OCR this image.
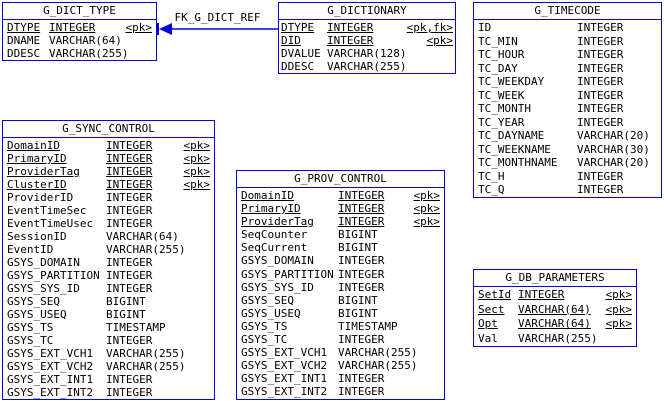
G_DICT_TYPE
DTYPE INTEGER	<pk>
DNAME VARCHAR(64)
DDESC VARCHAR(255)
G_DICTIONARY
DTYPE	INTEGER	<pk,fk>
DID	INTEGER	<pk>
DVALUE VARCHAR(128)
DDESC	VARCHAR(255)
G_TIMECODE
ID	INTEGER
TC_MIN	INTEGER
TC_HOUR	INTEGER
TC_DAY	INTEGER
TC_WEEKDAY	INTEGER
TC_WEEK	INTEGER
TC_MONTH	INTEGER
TC_YEAR	INTEGER
TC_DAYNAME	VARCHAR(20)
TC_WEEKNAME	VARCHAR(30)
TC_MONTHNAME	VARCHAR(20)
TC_H	INTEGER
TC_Q	INTEGER
G_SYNC_CONTROL
DomainID	INTEGER	<pk>
PrimaryID	INTEGER	<pk>
ProviderTag	INTEGER	<pk>
ClusterID	INTEGER	<pk>
ProviderID	INTEGER
EventTimeSec	INTEGER
EventTimeUsec	INTEGER
SessionID	VARCHAR(64)
EventID	VARCHAR(255)
GSYS_DOMAIN	INTEGER
GSYS_PARTITION INTEGER
GSYS_SYS_ID	INTEGER
GSYS_SEQ	BIGINT
GSYS_USEQ	BIGINT
GSYS_TS	TIMESTAMP
GSYS_TC	INTEGER
GSYS_EXT_VCH1	VARCHAR(255)
GSYS_EXT_VCH2	VARCHAR(255)
GSYS_EXT_INT1	INTEGER
GSYS_EXT_INT2	INTEGER
G_PROV_CONTROL
DomainID	INTEGER	<pk>
PrimaryID	INTEGER	<pk>
ProviderTag	INTEGER	<pk>
SeqCounter	BIGINT
SeqCurrent	BIGINT
GSYS_DOMAIN	INTEGER
GSYS_PARTITION INTEGER
GSYS_SYS_ID	INTEGER
GSYS_SEQ	BIGINT
GSYS_USEQ	BIGINT
GSYS_TS	TIMESTAMP
GSYS_TC	INTEGER
GSYS_EXT_VCH1 VARCHAR(255)
GSYS_EXT_VCH2 VARCHAR(255)
GSYS_EXT_INT1 INTEGER
GSYS_EXT_INT2 INTEGER
G_DB_PARAMETERS
SetId INTEGER	<pk>
Sect	VARCHAR(64)	<pk>
Opt	VARCHAR(64)	<pk>
Val	VARCHAR(255)
FK_G_DICT_REF
